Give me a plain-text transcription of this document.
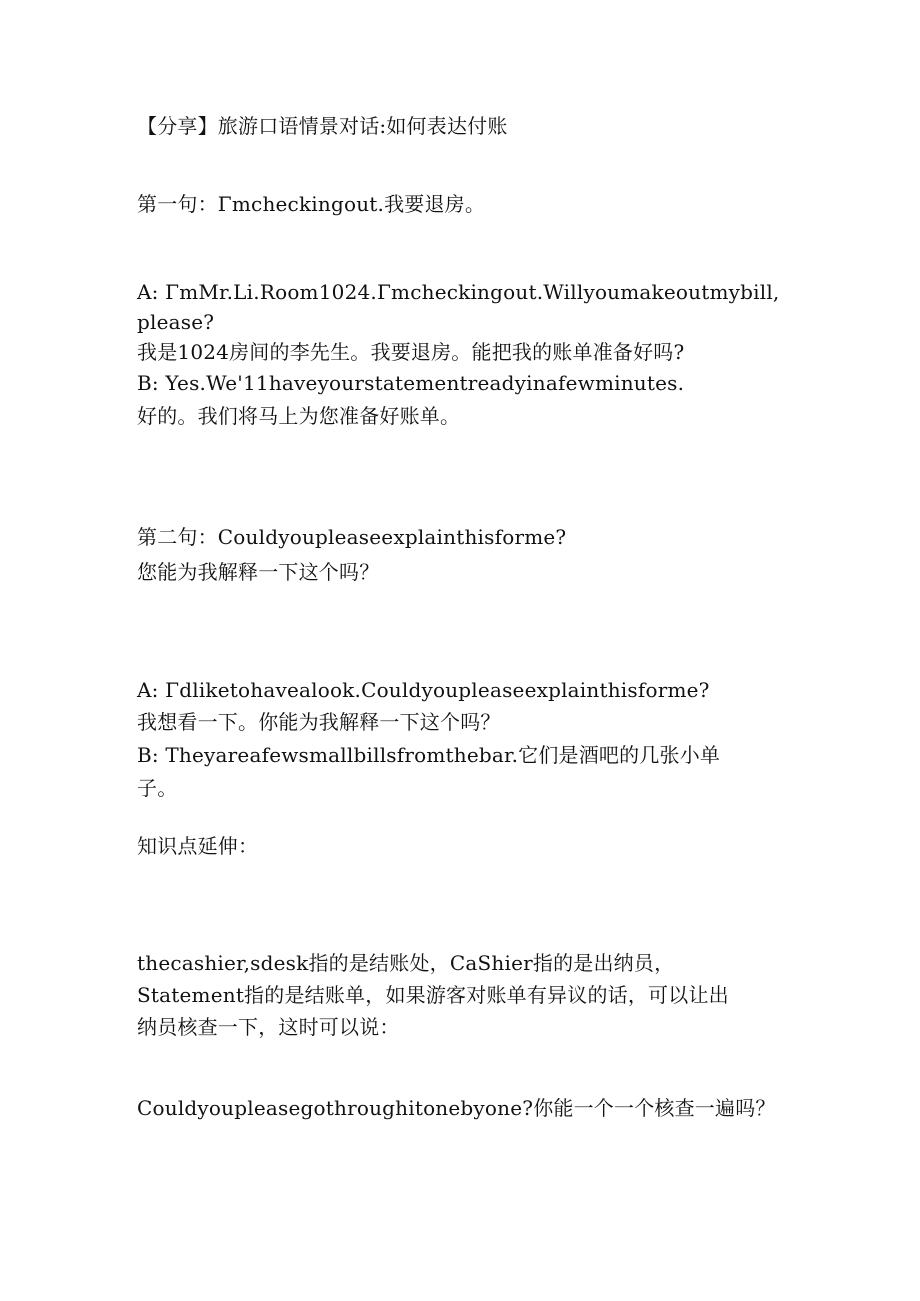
【分享】旅游口语情景对话:如何表达付账
第一句：Γmcheckingout.我要退房。
A: ΓmMr.Li.Room1024.Γmcheckingout.Willyoumakeoutmybill,
please?
我是1024房间的李先生。我要退房。能把我的账单准备好吗?
B: Yes.We'11haveyourstatementreadyinafewminutes.
好的。我们将马上为您准备好账单。
第二句：Couldyoupleaseexplainthisforme?
您能为我解释一下这个吗？
A: Γdliketohavealook.Couldyoupleaseexplainthisforme?
我想看一下。你能为我解释一下这个吗？
B: Theyareafewsmallbillsfromthebar.它们是酒吧的几张小单
子。
知识点延伸：
thecashier,sdesk指的是结账处，CaShier指的是出纳员，
Statement指的是结账单，如果游客对账单有异议的话，可以让出
纳员核查一下，这时可以说：
Couldyoupleasegothroughitonebyone?你能一个一个核查一遍吗？
